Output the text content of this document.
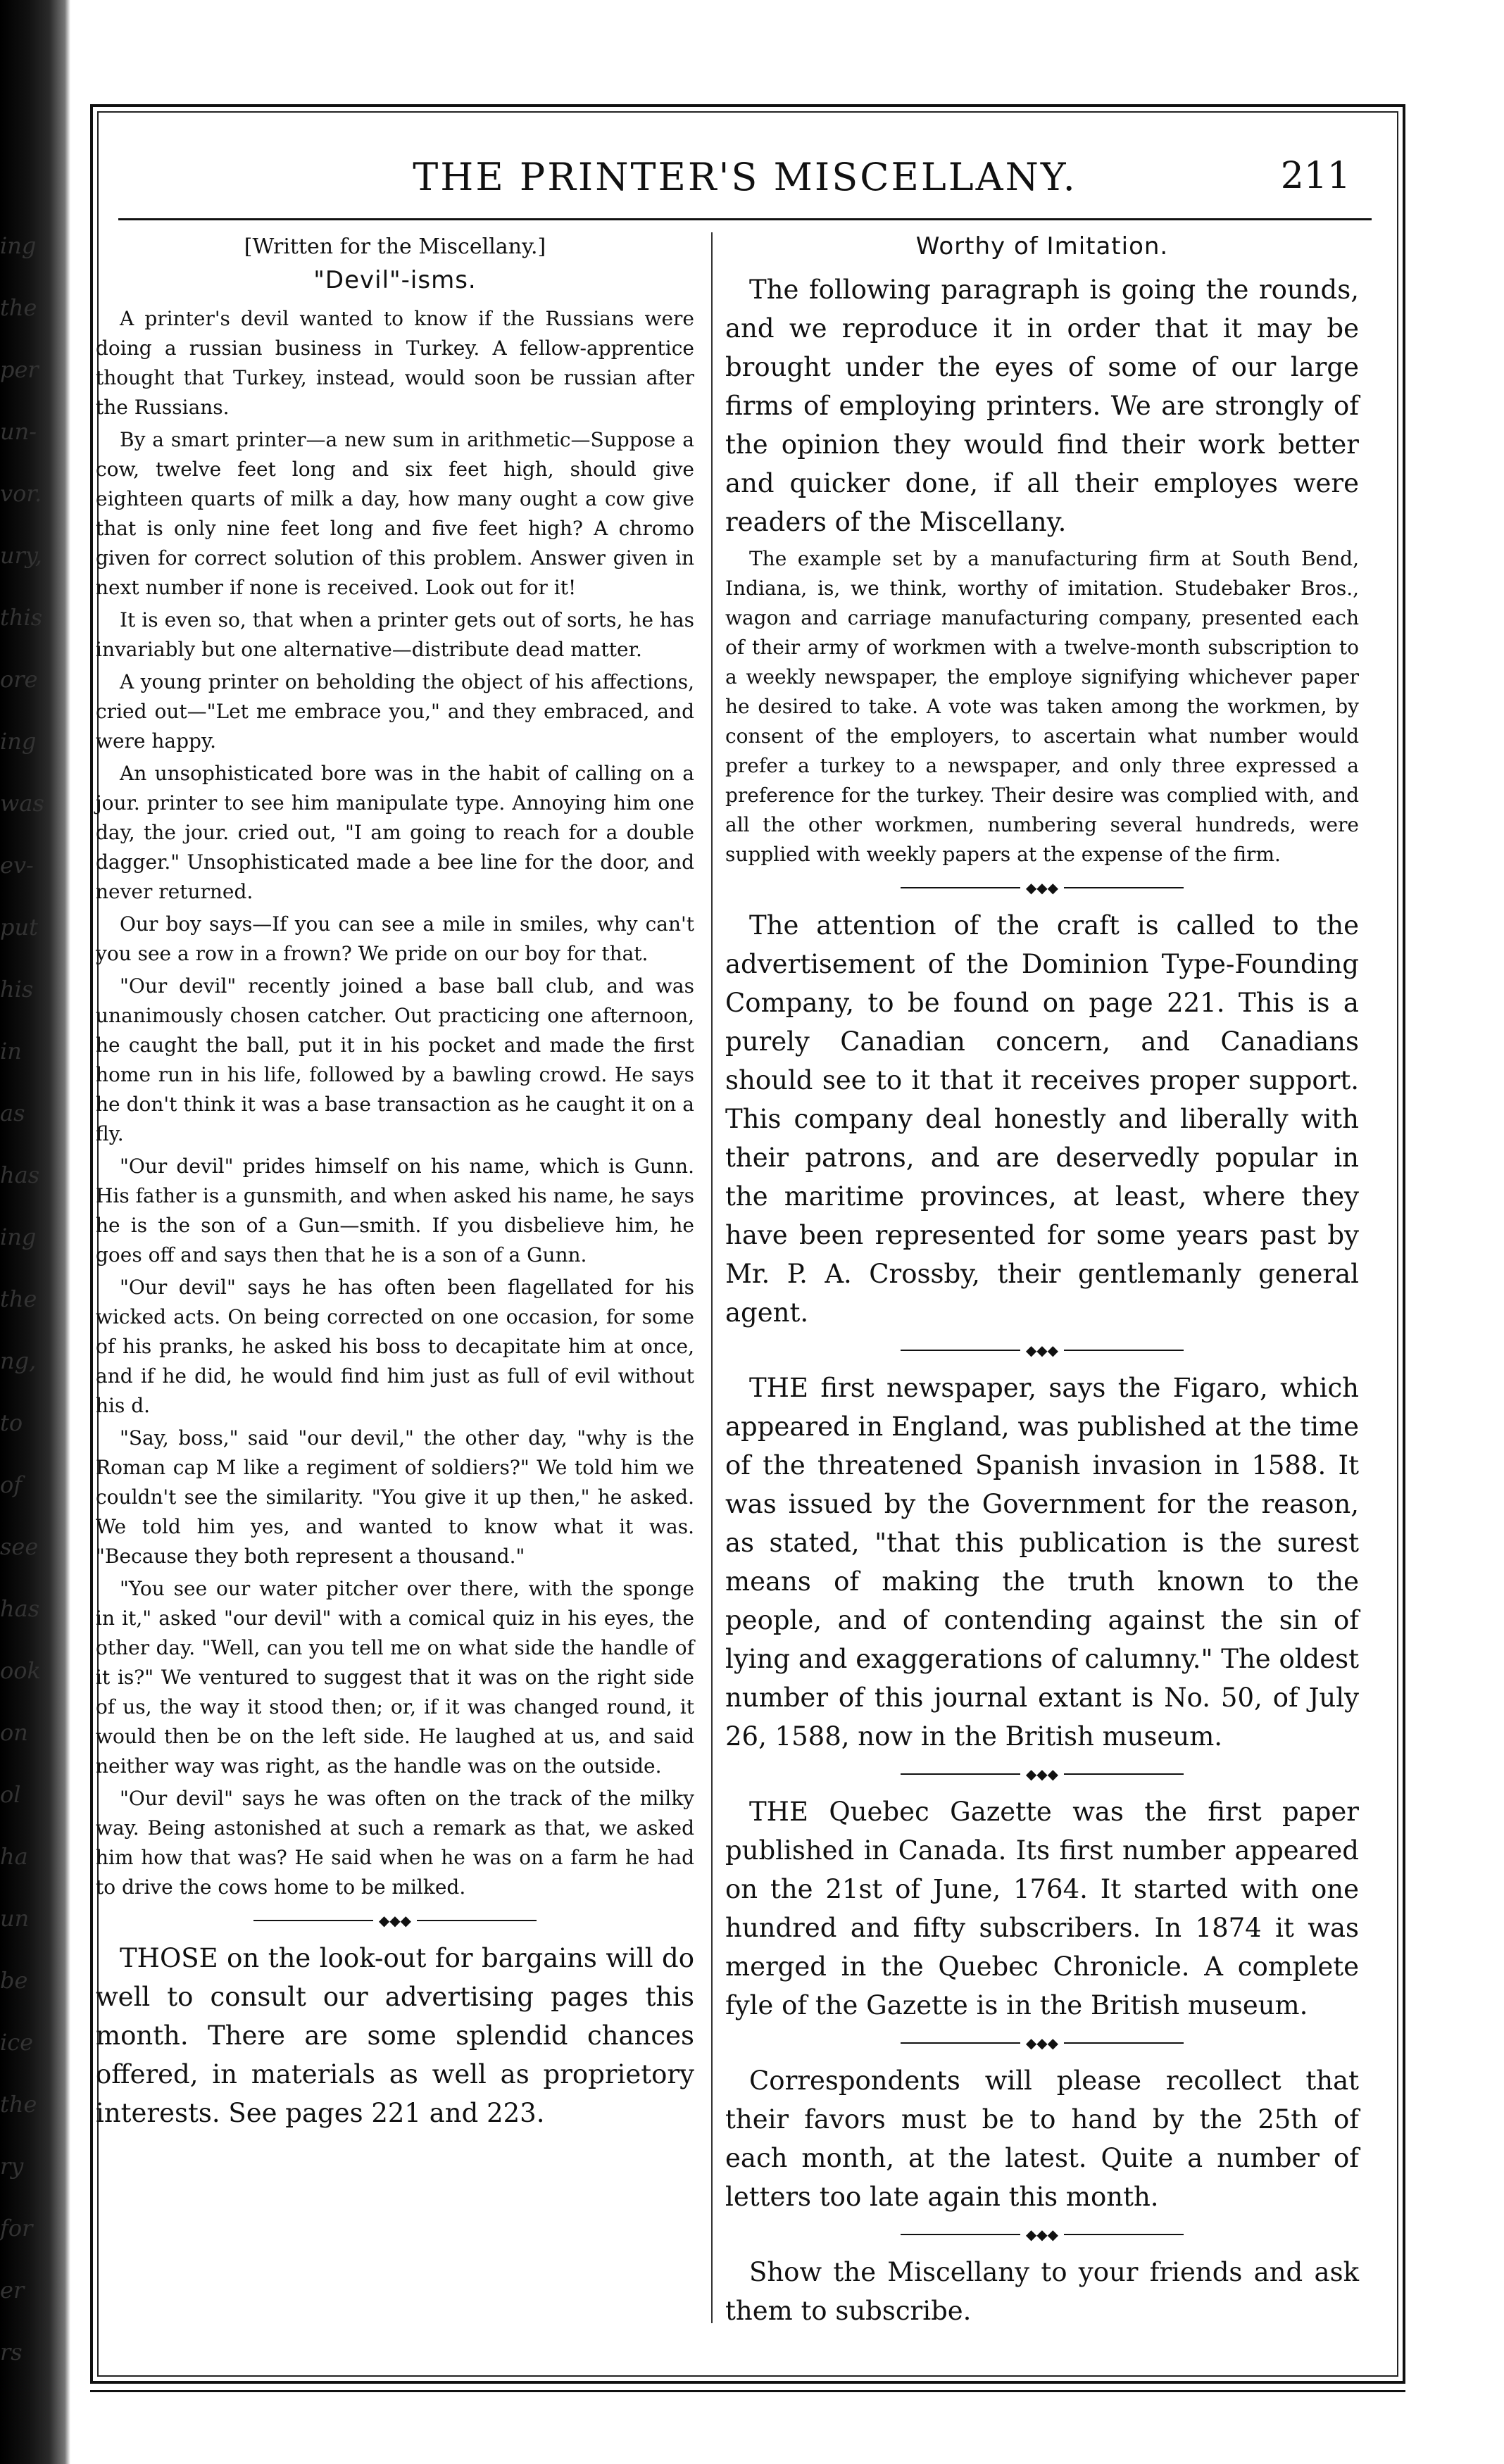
ing
the
per
un-
vor.
ury,
this
ore
ing
was
ev-
put
his
in
as
has
ing
the
ng,
to
of
see
has
ook
on
ol
ha
un
be
ice
the
ry
for
er
rs
THE PRINTER'S MISCELLANY.	211
[Written for the Miscellany.]
"Devil"-isms.

A printer's devil wanted to know if the Russians were doing a russian business in Turkey. A fellow-apprentice thought that Turkey, instead, would soon be russian after the Russians.

By a smart printer—a new sum in arithmetic—Suppose a cow, twelve feet long and six feet high, should give eighteen quarts of milk a day, how many ought a cow give that is only nine feet long and five feet high? A chromo given for correct solution of this problem. Answer given in next number if none is received. Look out for it!

It is even so, that when a printer gets out of sorts, he has invariably but one alternative—distribute dead matter.

A young printer on beholding the object of his affections, cried out—"Let me embrace you," and they embraced, and were happy.

An unsophisticated bore was in the habit of calling on a jour. printer to see him manipulate type. Annoying him one day, the jour. cried out, "I am going to reach for a double dagger." Unsophisticated made a bee line for the door, and never returned.

Our boy says—If you can see a mile in smiles, why can't you see a row in a frown? We pride on our boy for that.

"Our devil" recently joined a base ball club, and was unanimously chosen catcher. Out practicing one afternoon, he caught the ball, put it in his pocket and made the first home run in his life, followed by a bawling crowd. He says he don't think it was a base transaction as he caught it on a fly.

"Our devil" prides himself on his name, which is Gunn. His father is a gunsmith, and when asked his name, he says he is the son of a Gun—smith. If you disbelieve him, he goes off and says then that he is a son of a Gunn.

"Our devil" says he has often been flagellated for his wicked acts. On being corrected on one occasion, for some of his pranks, he asked his boss to decapitate him at once, and if he did, he would find him just as full of evil without his d.

"Say, boss," said "our devil," the other day, "why is the Roman cap M like a regiment of soldiers?" We told him we couldn't see the similarity. "You give it up then," he asked. We told him yes, and wanted to know what it was. "Because they both represent a thousand."

"You see our water pitcher over there, with the sponge in it," asked "our devil" with a comical quiz in his eyes, the other day. "Well, can you tell me on what side the handle of it is?" We ventured to suggest that it was on the right side of us, the way it stood then; or, if it was changed round, it would then be on the left side. He laughed at us, and said neither way was right, as the handle was on the outside.

"Our devil" says he was often on the track of the milky way. Being astonished at such a remark as that, we asked him how that was? He said when he was on a farm he had to drive the cows home to be milked.

◆◆◆

THOSE on the look-out for bargains will do well to consult our advertising pages this month. There are some splendid chances offered, in materials as well as proprietory interests. See pages 221 and 223.

Worthy of Imitation.

The following paragraph is going the rounds, and we reproduce it in order that it may be brought under the eyes of some of our large firms of employing printers. We are strongly of the opinion they would find their work better and quicker done, if all their employes were readers of the Miscellany.

The example set by a manufacturing firm at South Bend, Indiana, is, we think, worthy of imitation. Studebaker Bros., wagon and carriage manufacturing company, presented each of their army of workmen with a twelve-month subscription to a weekly newspaper, the employe signifying whichever paper he desired to take. A vote was taken among the workmen, by consent of the employers, to ascertain what number would prefer a turkey to a newspaper, and only three expressed a preference for the turkey. Their desire was complied with, and all the other workmen, numbering several hundreds, were supplied with weekly papers at the expense of the firm.

◆◆◆

The attention of the craft is called to the advertisement of the Dominion Type-Founding Company, to be found on page 221. This is a purely Canadian concern, and Canadians should see to it that it receives proper support. This company deal honestly and liberally with their patrons, and are deservedly popular in the maritime provinces, at least, where they have been represented for some years past by Mr. P. A. Crossby, their gentlemanly general agent.

◆◆◆

THE first newspaper, says the Figaro, which appeared in England, was published at the time of the threatened Spanish invasion in 1588. It was issued by the Government for the reason, as stated, "that this publication is the surest means of making the truth known to the people, and of contending against the sin of lying and exaggerations of calumny." The oldest number of this journal extant is No. 50, of July 26, 1588, now in the British museum.

◆◆◆

THE Quebec Gazette was the first paper published in Canada. Its first number appeared on the 21st of June, 1764. It started with one hundred and fifty subscribers. In 1874 it was merged in the Quebec Chronicle. A complete fyle of the Gazette is in the British museum.

◆◆◆

Correspondents will please recollect that their favors must be to hand by the 25th of each month, at the latest. Quite a number of letters too late again this month.

◆◆◆

Show the Miscellany to your friends and ask them to subscribe.
